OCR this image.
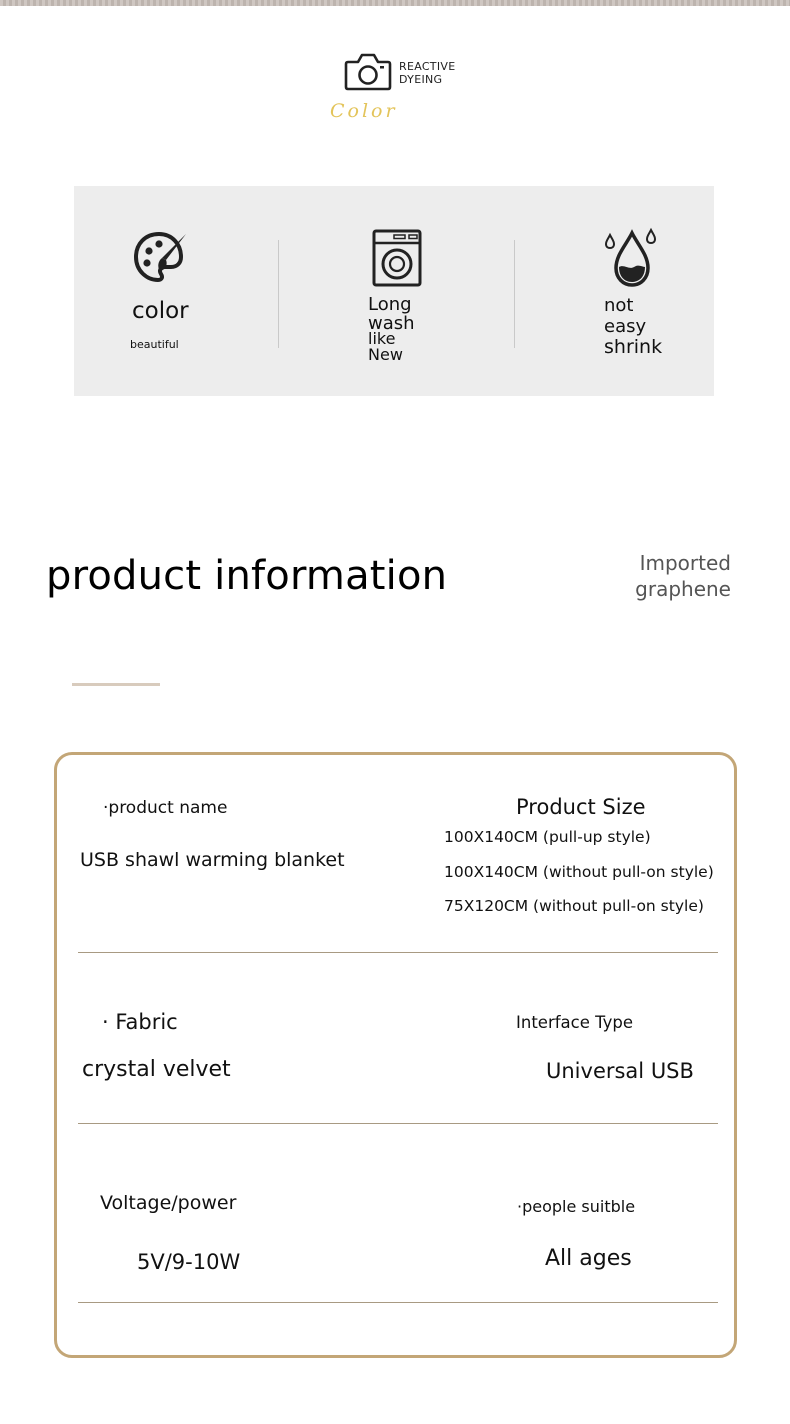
REACTIVE
DYEING
Color
color
beautiful
Long
wash
like
New
not
easy
shrink
product information	Imported
graphene
·product name
USB shawl warming blanket
Product Size
100X140CM (pull-up style)
100X140CM (without pull-on style)
75X120CM (without pull-on style)
· Fabric
crystal velvet
Interface Type
Universal USB
Voltage/power
5V/9-10W
·people suitble
All ages
